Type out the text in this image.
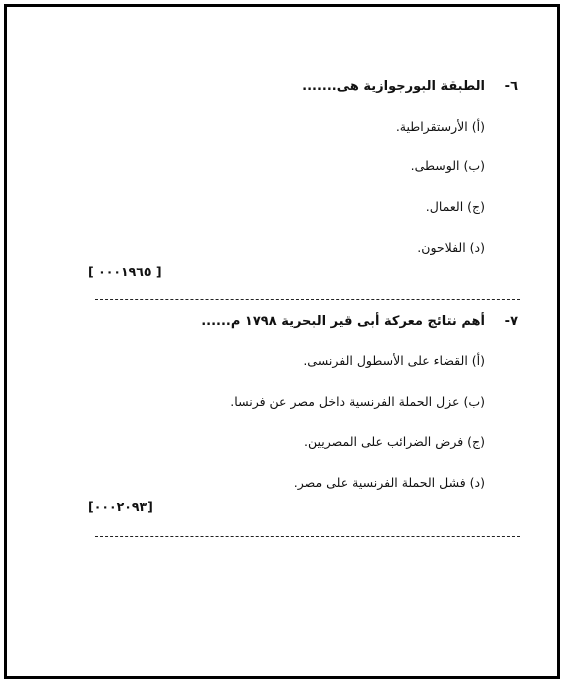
٦-
الطبقة البورجوازية هى.......
(أ) الأرستقراطية.
(ب) الوسطى.
(ج) العمال.
(د) الفلاحون.
[ ٠٠٠١٩٦٥ ]
٧-
أهم نتائج معركة أبى قير البحرية ١٧٩٨ م......
(أ) القضاء على الأسطول الفرنسى.
(ب) عزل الحملة الفرنسية داخل مصر عن فرنسا.
(ج) فرض الضرائب على المصريين.
(د) فشل الحملة الفرنسية على مصر.
[٠٠٠٢٠٩٣]
